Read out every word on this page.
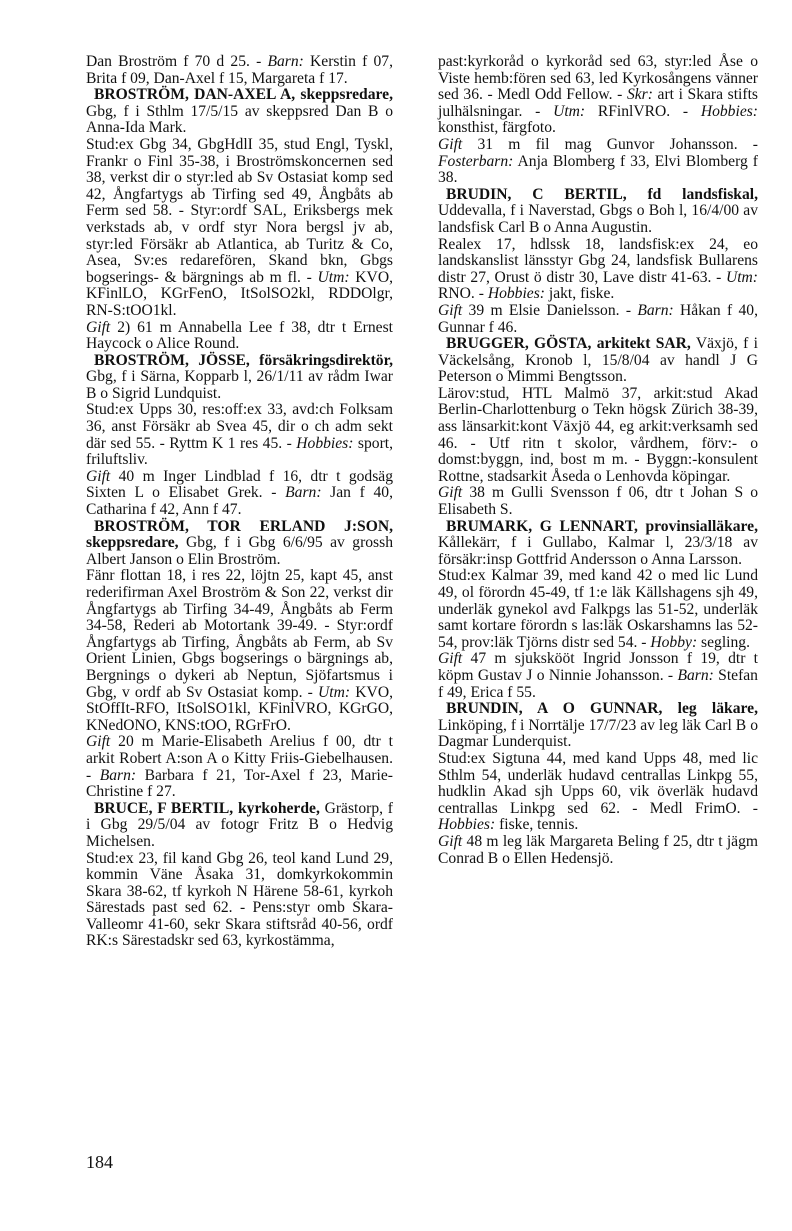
Dan Broström f 70 d 25. - Barn: Kerstin f 07, Brita f 09, Dan-Axel f 15, Margareta f 17.

BROSTRÖM, DAN-AXEL A, skeppsredare, Gbg, f i Sthlm 17/5/15 av skeppsred Dan B o Anna-Ida Mark.

Stud:ex Gbg 34, GbgHdlI 35, stud Engl, Tyskl, Frankr o Finl 35-38, i Broströmskoncernen sed 38, verkst dir o styr:led ab Sv Ostasiat komp sed 42, Ångfartygs ab Tirfing sed 49, Ångbåts ab Ferm sed 58. - Styr:ordf SAL, Eriksbergs mek verkstads ab, v ordf styr Nora bergsl jv ab, styr:led Försäkr ab Atlantica, ab Turitz & Co, Asea, Sv:es redarefören, Skand bkn, Gbgs bogserings- & bärgnings ab m fl. - Utm: KVO, KFinlLO, KGrFenO, ItSolSO2kl, RDDOlgr, RN-S:tOO1kl.

Gift 2) 61 m Annabella Lee f 38, dtr t Ernest Haycock o Alice Round.

BROSTRÖM, JÖSSE, försäkringsdirektör, Gbg, f i Särna, Kopparb l, 26/1/11 av rådm Iwar B o Sigrid Lundquist.

Stud:ex Upps 30, res:off:ex 33, avd:ch Folksam 36, anst Försäkr ab Svea 45, dir o ch adm sekt där sed 55. - Ryttm K 1 res 45. - Hobbies: sport, friluftsliv.

Gift 40 m Inger Lindblad f 16, dtr t godsäg Sixten L o Elisabet Grek. - Barn: Jan f 40, Catharina f 42, Ann f 47.

BROSTRÖM, TOR ERLAND J:SON, skeppsredare, Gbg, f i Gbg 6/6/95 av grossh Albert Janson o Elin Broström.

Fänr flottan 18, i res 22, löjtn 25, kapt 45, anst rederifirman Axel Broström & Son 22, verkst dir Ångfartygs ab Tirfing 34-49, Ångbåts ab Ferm 34-58, Rederi ab Motortank 39-49. - Styr:ordf Ångfartygs ab Tirfing, Ångbåts ab Ferm, ab Sv Orient Linien, Gbgs bogserings o bärgnings ab, Bergnings o dykeri ab Neptun, Sjöfartsmus i Gbg, v ordf ab Sv Ostasiat komp. - Utm: KVO, StOffIt-RFO, ItSolSO1kl, KFinlVRO, KGrGO, KNedONO, KNS:tOO, RGrFrO.

Gift 20 m Marie-Elisabeth Arelius f 00, dtr t arkit Robert A:son A o Kitty Friis-Giebelhausen. - Barn: Barbara f 21, Tor-Axel f 23, Marie-Christine f 27.

BRUCE, F BERTIL, kyrkoherde, Grästorp, f i Gbg 29/5/04 av fotogr Fritz B o Hedvig Michelsen.

Stud:ex 23, fil kand Gbg 26, teol kand Lund 29, kommin Väne Åsaka 31, domkyrkokommin Skara 38-62, tf kyrkoh N Härene 58-61, kyrkoh Särestads past sed 62. - Pens:styr omb Skara-Valleomr 41-60, sekr Skara stiftsråd 40-56, ordf RK:s Särestadskr sed 63, kyrkostämma,

past:kyrkoråd o kyrkoråd sed 63, styr:led Åse o Viste hemb:fören sed 63, led Kyrkosångens vänner sed 36. - Medl Odd Fellow. - Skr: art i Skara stifts julhälsningar. - Utm: RFinlVRO. - Hobbies: konsthist, färgfoto.

Gift 31 m fil mag Gunvor Johansson. - Fosterbarn: Anja Blomberg f 33, Elvi Blomberg f 38.

BRUDIN, C BERTIL, fd landsfiskal, Uddevalla, f i Naverstad, Gbgs o Boh l, 16/4/00 av landsfisk Carl B o Anna Augustin.

Realex 17, hdlssk 18, landsfisk:ex 24, eo landskanslist länsstyr Gbg 24, landsfisk Bullarens distr 27, Orust ö distr 30, Lave distr 41-63. - Utm: RNO. - Hobbies: jakt, fiske.

Gift 39 m Elsie Danielsson. - Barn: Håkan f 40, Gunnar f 46.

BRUGGER, GÖSTA, arkitekt SAR, Växjö, f i Väckelsång, Kronob l, 15/8/04 av handl J G Peterson o Mimmi Bengtsson.

Lärov:stud, HTL Malmö 37, arkit:stud Akad Berlin-Charlottenburg o Tekn högsk Zürich 38-39, ass länsarkit:kont Växjö 44, eg arkit:verksamh sed 46. - Utf ritn t skolor, vårdhem, förv:- o domst:byggn, ind, bost m m. - Byggn:-konsulent Rottne, stadsarkit Åseda o Lenhovda köpingar.

Gift 38 m Gulli Svensson f 06, dtr t Johan S o Elisabeth S.

BRUMARK, G LENNART, provinsialläkare, Kållekärr, f i Gullabo, Kalmar l, 23/3/18 av försäkr:insp Gottfrid Andersson o Anna Larsson.

Stud:ex Kalmar 39, med kand 42 o med lic Lund 49, ol förordn 45-49, tf 1:e läk Källshagens sjh 49, underläk gynekol avd Falkpgs las 51-52, underläk samt kortare förordn s las:läk Oskarshamns las 52-54, prov:läk Tjörns distr sed 54. - Hobby: segling.

Gift 47 m sjukskööt Ingrid Jonsson f 19, dtr t köpm Gustav J o Ninnie Johansson. - Barn: Stefan f 49, Erica f 55.

BRUNDIN, A O GUNNAR, leg läkare, Linköping, f i Norrtälje 17/7/23 av leg läk Carl B o Dagmar Lunderquist.

Stud:ex Sigtuna 44, med kand Upps 48, med lic Sthlm 54, underläk hudavd centrallas Linkpg 55, hudklin Akad sjh Upps 60, vik överläk hudavd centrallas Linkpg sed 62. - Medl FrimO. - Hobbies: fiske, tennis.

Gift 48 m leg läk Margareta Beling f 25, dtr t jägm Conrad B o Ellen Hedensjö.

184
